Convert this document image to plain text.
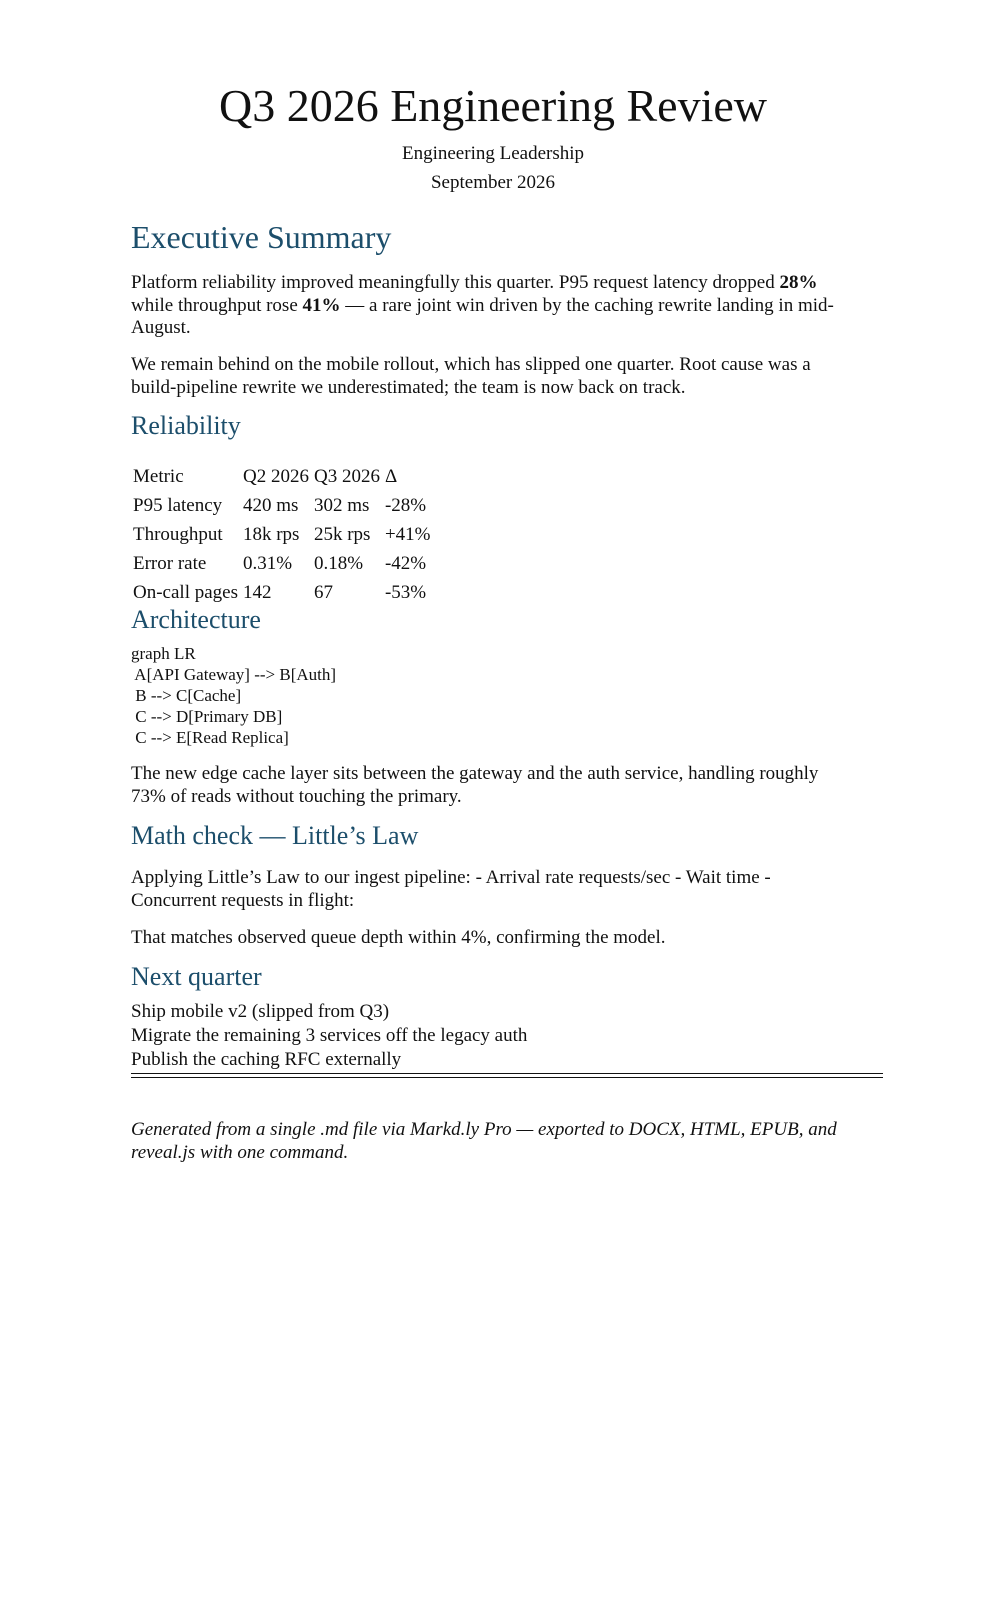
Q3 2026 Engineering Review
Engineering Leadership
September 2026
Executive Summary

Platform reliability improved meaningfully this quarter. P95 request latency dropped 28% while throughput rose 41% — a rare joint win driven by the caching rewrite landing in mid-August.

We remain behind on the mobile rollout, which has slipped one quarter. Root cause was a build-pipeline rewrite we underestimated; the team is now back on track.

Reliability
Metric	Q2 2026	Q3 2026	Δ
P95 latency	420 ms	302 ms	-28%
Throughput	18k rps	25k rps	+41%
Error rate	0.31%	0.18%	-42%
On-call pages	142	67	-53%
Architecture
graph LR
A[API Gateway] --> B[Auth]
B --> C[Cache]
C --> D[Primary DB]
C --> E[Read Replica]

The new edge cache layer sits between the gateway and the auth service, handling roughly 73% of reads without touching the primary.

Math check — Little’s Law

Applying Little’s Law to our ingest pipeline: - Arrival rate requests/sec - Wait time - Concurrent requests in flight:

That matches observed queue depth within 4%, confirming the model.

Next quarter
Ship mobile v2 (slipped from Q3)
Migrate the remaining 3 services off the legacy auth
Publish the caching RFC externally

Generated from a single .md file via Markd.ly Pro — exported to DOCX, HTML, EPUB, and reveal.js with one command.
